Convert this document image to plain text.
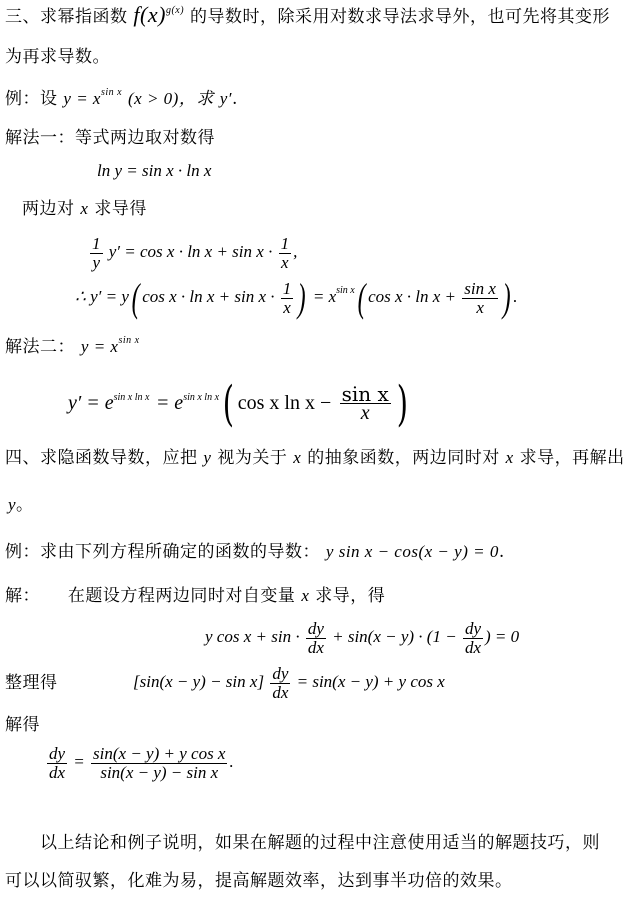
三、求幂指函数 $f(x)^{g(x)}$ 的导数时，除采用对数求导法求导外，也可先将其变形
为再求导数。
例：设 $y = x^{sin x}$ (x > 0)，求 y′.
解法一：等式两边取对数得
ln y = sin x · ln x
两边对 x 求导得
$\frac{1}{y} y' = \cos x \cdot \ln x + \sin x \cdot \frac{1}{x}$ ,
∴ y′ = y( $\cos x \cdot \ln x + \sin x \cdot \frac{1}{x}$ ) = $x^{sin x}$( $\cos x \cdot \ln x + \frac{\text{sin x}}{x}$ ) .
解法二： $y = x^{sin x}$
$y' = e^{sin x ln x} = e^{sin x ln x}$( cos x $\ln x - \frac{\text{sin x}}{x}$ )
四、求隐函数导数，应把 y 视为关于 x 的抽象函数，两边同时对 x 求导，再解出
y。
例：求由下列方程所确定的函数的导数： y sin x − cos(x − y) = 0.
解： 在题设方程两边同时对自变量 x 求导，得
y $\cos x + \sin \cdot \frac{dy}{dx} + \sin(x - y) \cdot (1 - \frac{dy}{dx}$ ) = 0
整理得	$[\sin(x - y) - \sin x] \frac{dy}{dx} = \sin(x - y) + y$ cos x
解得
$\frac{dy}{dx} = \frac{\text{sin(x − y) + y cos x}}{\text{sin(x − y) − sin x}}$ .
以上结论和例子说明，如果在解题的过程中注意使用适当的解题技巧，则
可以以简驭繁，化难为易，提高解题效率，达到事半功倍的效果。
